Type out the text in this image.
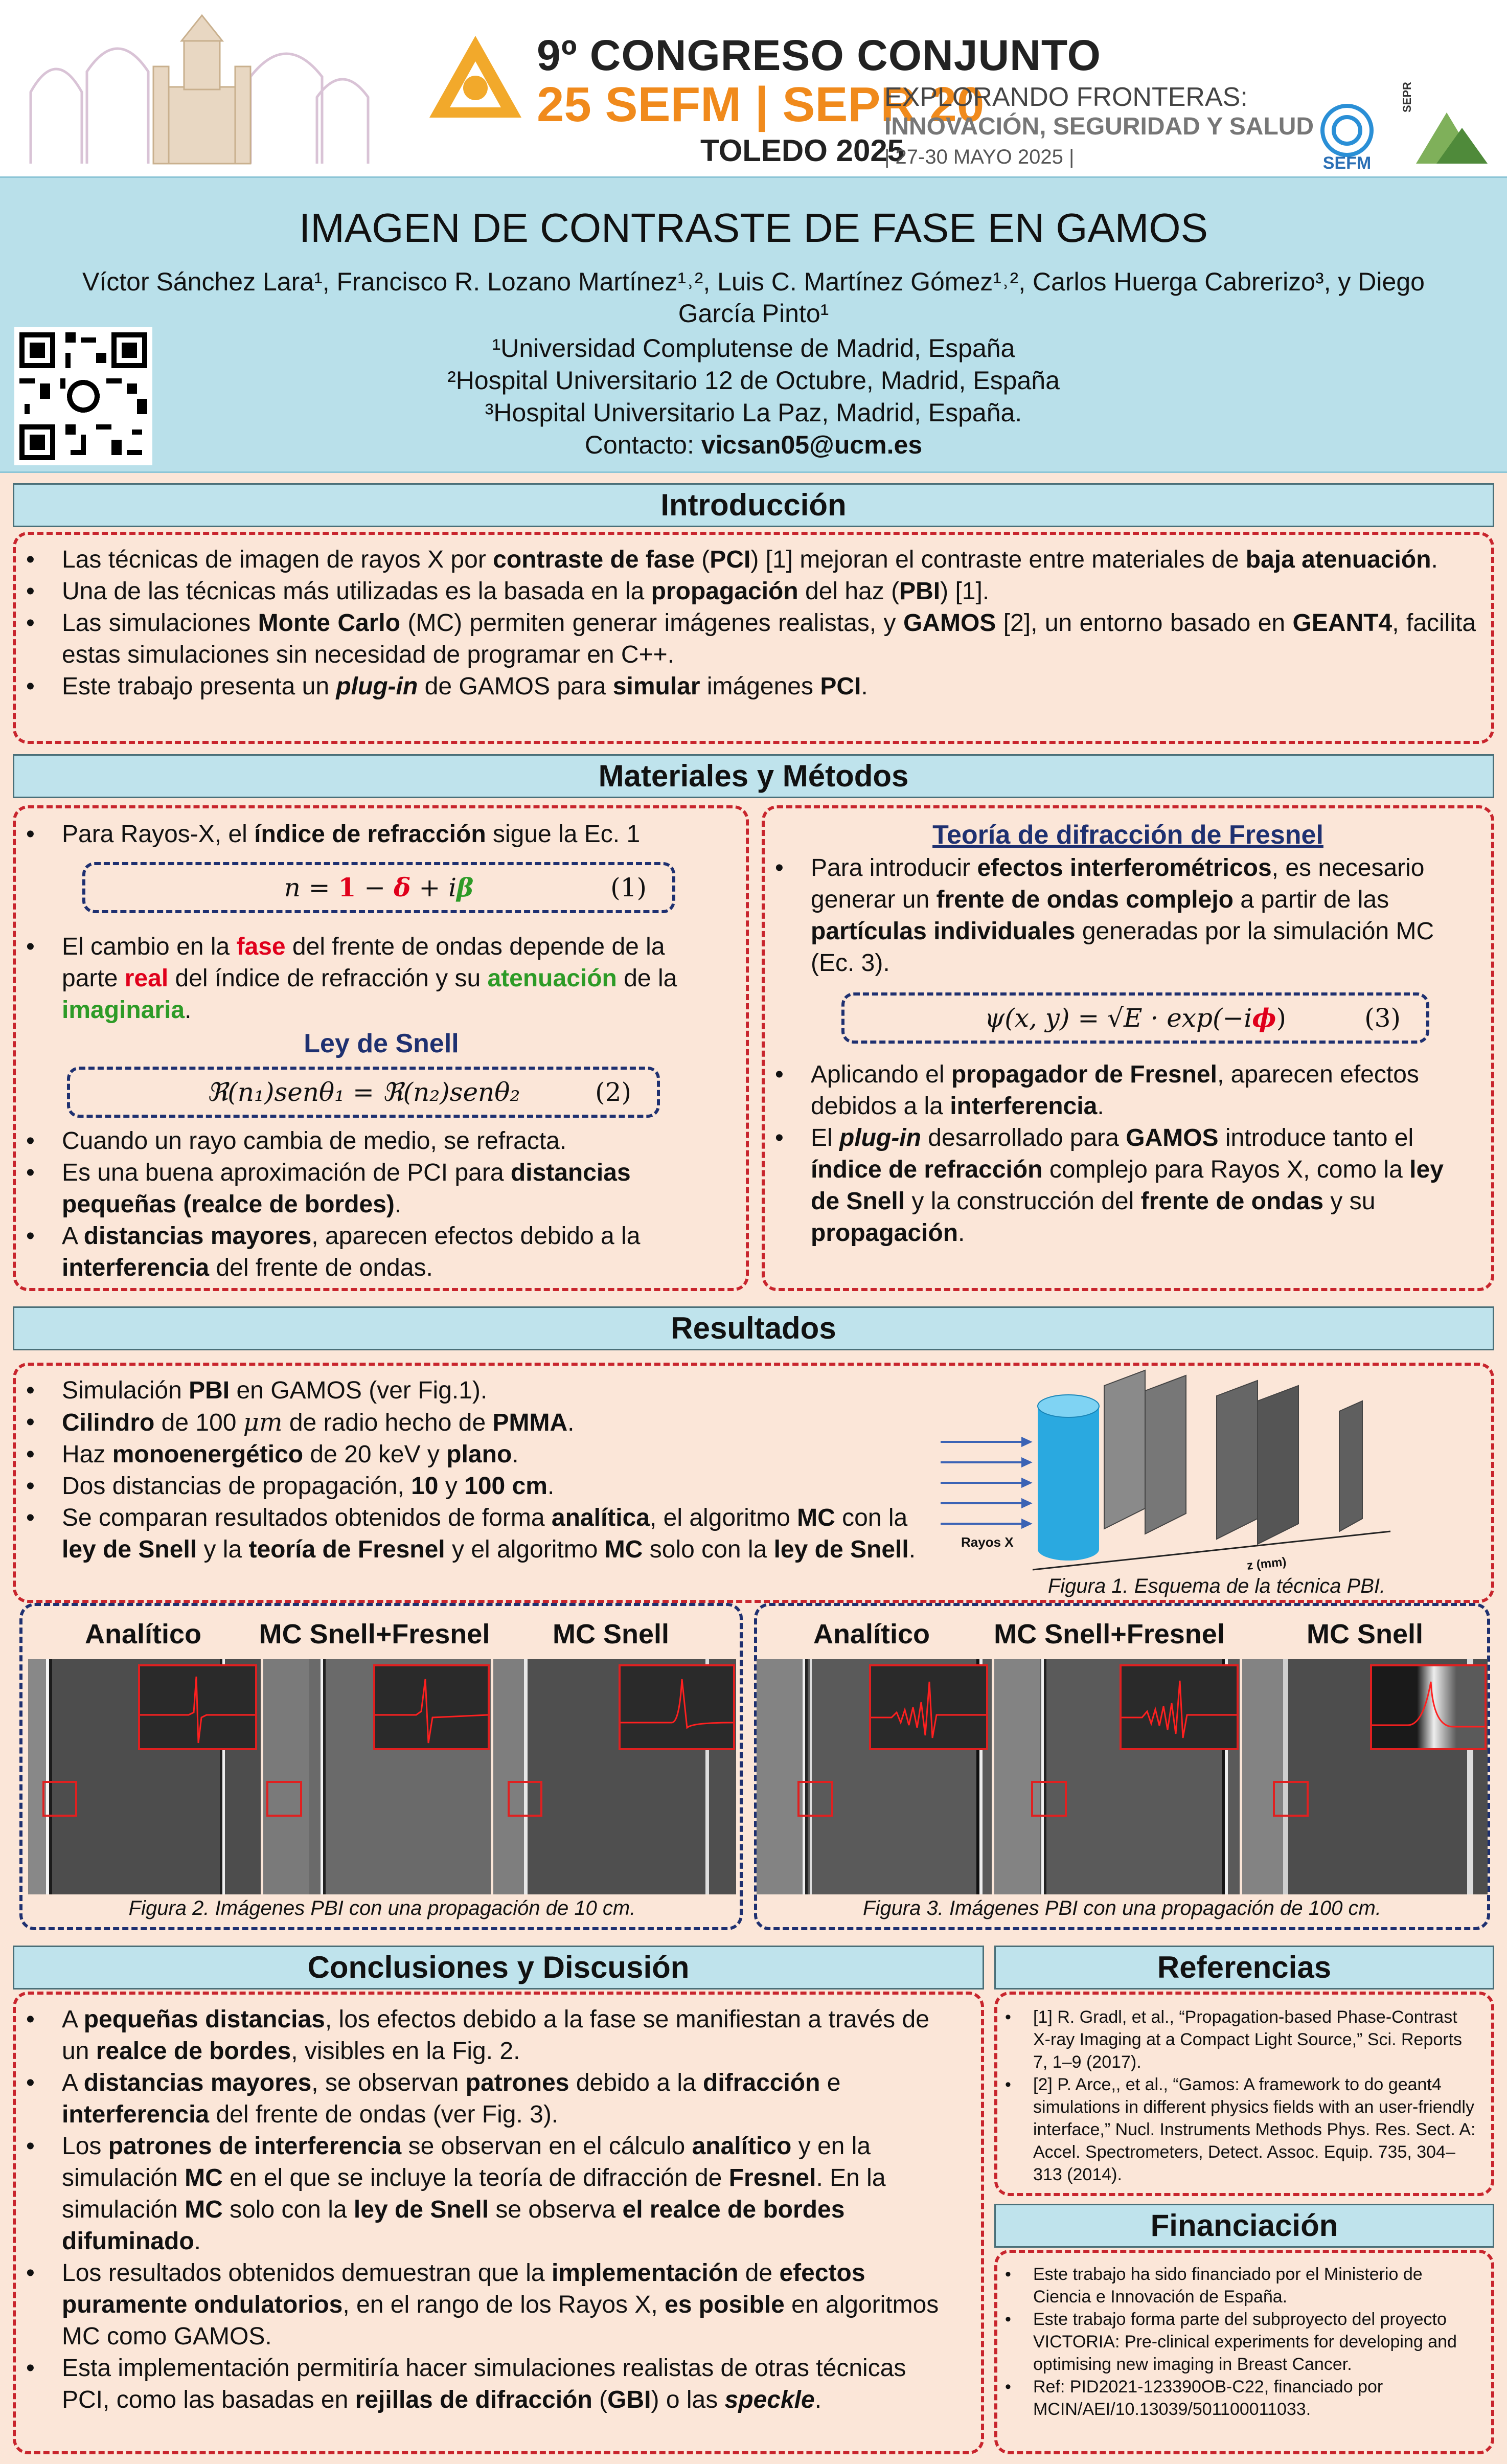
9º CONGRESO CONJUNTO
25 SEFM | SEPR 20
TOLEDO 2025
EXPLORANDO FRONTERAS:
INNOVACIÓN, SEGURIDAD Y SALUD
| 27-30 MAYO 2025 |	SEFM
SEPR
IMAGEN DE CONTRASTE DE FASE EN GAMOS
Víctor Sánchez Lara¹, Francisco R. Lozano Martínez¹˒², Luis C. Martínez Gómez¹˒², Carlos Huerga Cabrerizo³, y Diego
García Pinto¹
¹Universidad Complutense de Madrid, España
²Hospital Universitario 12 de Octubre, Madrid, España
³Hospital Universitario La Paz, Madrid, España.
Contacto: vicsan05@ucm.es
Introducción
• Las técnicas de imagen de rayos X por contraste de fase (PCI) [1] mejoran el contraste entre materiales de baja atenuación.
• Una de las técnicas más utilizadas es la basada en la propagación del haz (PBI) [1].
• Las simulaciones Monte Carlo (MC) permiten generar imágenes realistas, y GAMOS [2], un entorno basado en GEANT4, facilita estas simulaciones sin necesidad de programar en C++.
• Este trabajo presenta un plug-in de GAMOS para simular imágenes PCI.
Materiales y Métodos
• Para Rayos-X, el índice de refracción sigue la Ec. 1
n = 1 − δ + iβ	(1)
• El cambio en la fase del frente de ondas depende de la parte real del índice de refracción y su atenuación de la imaginaria.
Ley de Snell
ℜ(n₁)senθ₁ = ℜ(n₂)senθ₂	(2)
• Cuando un rayo cambia de medio, se refracta.
• Es una buena aproximación de PCI para distancias pequeñas (realce de bordes).
• A distancias mayores, aparecen efectos debido a la interferencia del frente de ondas.
Teoría de difracción de Fresnel
• Para introducir efectos interferométricos, es necesario generar un frente de ondas complejo a partir de las partículas individuales generadas por la simulación MC (Ec. 3).
ψ(x, y) = √E · exp(−iϕ)	(3)
• Aplicando el propagador de Fresnel, aparecen efectos debidos a la interferencia.
• El plug-in desarrollado para GAMOS introduce tanto el índice de refracción complejo para Rayos X, como la ley de Snell y la construcción del frente de ondas y su propagación.
Resultados
• Simulación PBI en GAMOS (ver Fig.1).
• Cilindro de 100 μm de radio hecho de PMMA.
• Haz monoenergético de 20 keV y plano.
• Dos distancias de propagación, 10 y 100 cm.
• Se comparan resultados obtenidos de forma analítica, el algoritmo MC con la ley de Snell y la teoría de Fresnel y el algoritmo MC solo con la ley de Snell.	Rayos X
z (mm)
Figura 1. Esquema de la técnica PBI.
Analítico	MC Snell+Fresnel	MC Snell
Figura 2. Imágenes PBI con una propagación de 10 cm.
Analítico	MC Snell+Fresnel	MC Snell
Figura 3. Imágenes PBI con una propagación de 100 cm.
Conclusiones y Discusión
• A pequeñas distancias, los efectos debido a la fase se manifiestan a través de un realce de bordes, visibles en la Fig. 2.
• A distancias mayores, se observan patrones debido a la difracción e interferencia del frente de ondas (ver Fig. 3).
• Los patrones de interferencia se observan en el cálculo analítico y en la simulación MC en el que se incluye la teoría de difracción de Fresnel. En la simulación MC solo con la ley de Snell se observa el realce de bordes difuminado.
• Los resultados obtenidos demuestran que la implementación de efectos puramente ondulatorios, en el rango de los Rayos X, es posible en algoritmos MC como GAMOS.
• Esta implementación permitiría hacer simulaciones realistas de otras técnicas PCI, como las basadas en rejillas de difracción (GBI) o las speckle.
Referencias
• [1] R. Gradl, et al., “Propagation-based Phase-Contrast X-ray Imaging at a Compact Light Source,” Sci. Reports 7, 1–9 (2017).
• [2] P. Arce,, et al., “Gamos: A framework to do geant4 simulations in different physics fields with an user-friendly interface,” Nucl. Instruments Methods Phys. Res. Sect. A: Accel. Spectrometers, Detect. Assoc. Equip. 735, 304–313 (2014).
Financiación
• Este trabajo ha sido financiado por el Ministerio de Ciencia e Innovación de España.
• Este trabajo forma parte del subproyecto del proyecto VICTORIA: Pre-clinical experiments for developing and optimising new imaging in Breast Cancer.
• Ref: PID2021-123390OB-C22, financiado por MCIN/AEI/10.13039/501100011033.
